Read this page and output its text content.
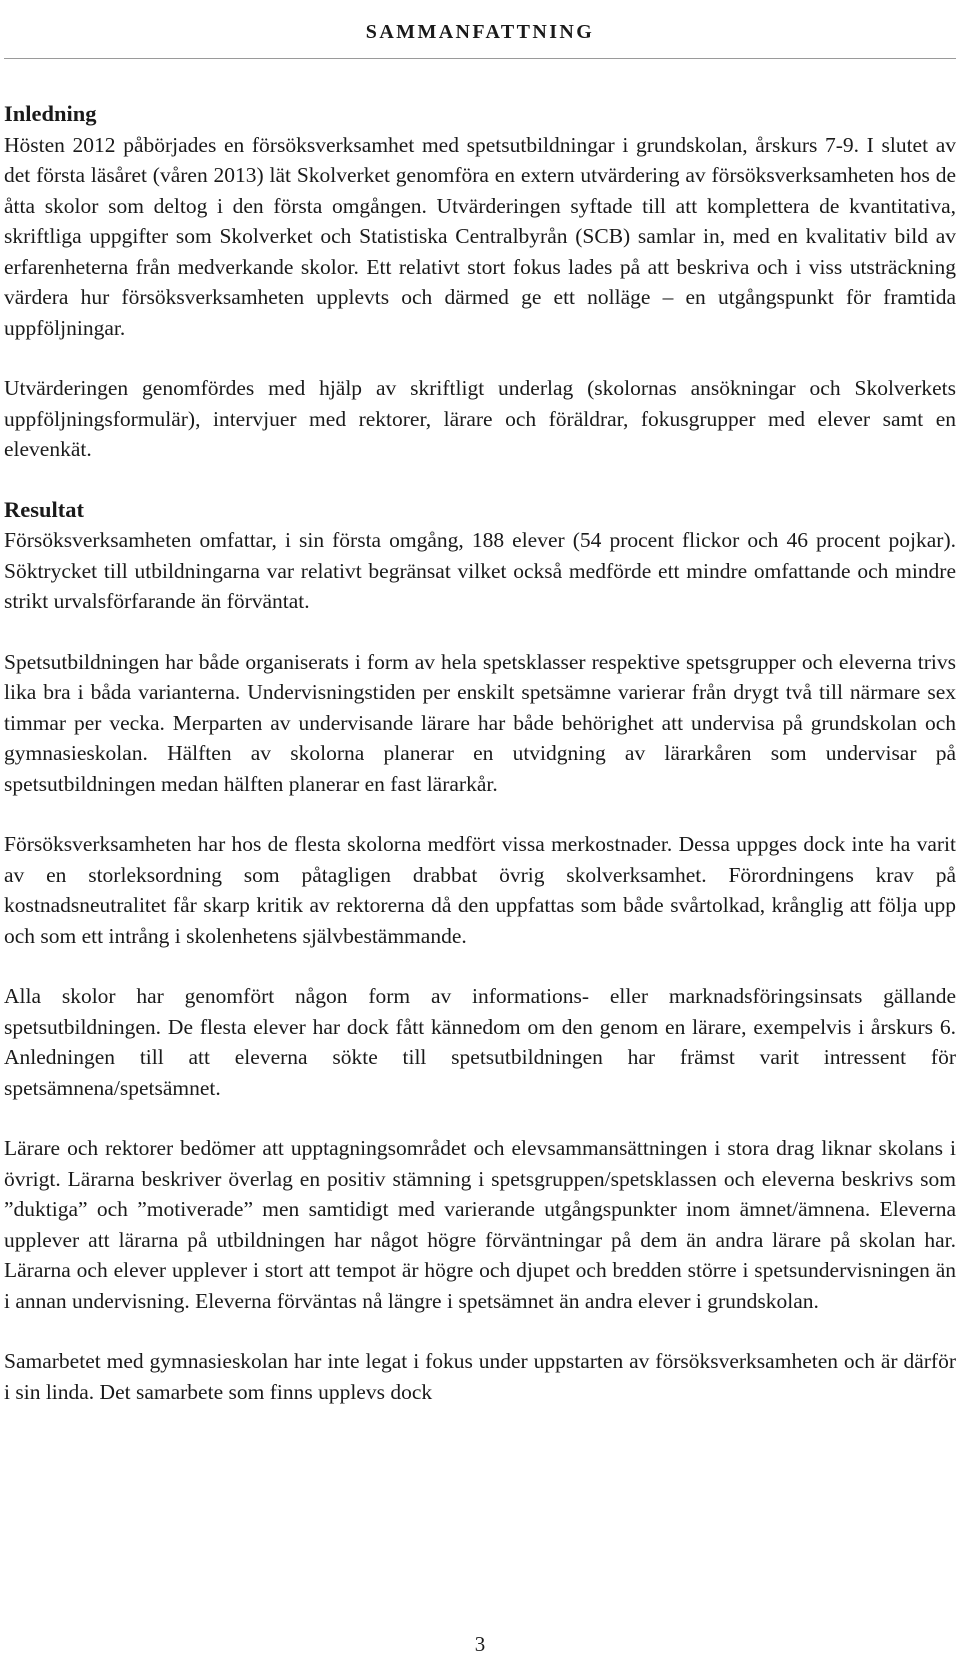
SAMMANFATTNING
Inledning

Hösten 2012 påbörjades en försöksverksamhet med spetsutbildningar i grundskolan, årskurs 7-9. I slutet av det första läsåret (våren 2013) lät Skolverket genomföra en extern utvärdering av försöksverksamheten hos de åtta skolor som deltog i den första omgången. Utvärderingen syftade till att komplettera de kvantitativa, skriftliga uppgifter som Skolverket och Statistiska Centralbyrån (SCB) samlar in, med en kvalitativ bild av erfarenheterna från medverkande skolor. Ett relativt stort fokus lades på att beskriva och i viss utsträckning värdera hur försöksverksamheten upplevts och därmed ge ett nolläge – en utgångspunkt för framtida uppföljningar.

Utvärderingen genomfördes med hjälp av skriftligt underlag (skolornas ansökningar och Skolverkets uppföljningsformulär), intervjuer med rektorer, lärare och föräldrar, fokusgrupper med elever samt en elevenkät.

Resultat

Försöksverksamheten omfattar, i sin första omgång, 188 elever (54 procent flickor och 46 procent pojkar). Söktrycket till utbildningarna var relativt begränsat vilket också medförde ett mindre omfattande och mindre strikt urvalsförfarande än förväntat.

Spetsutbildningen har både organiserats i form av hela spetsklasser respektive spetsgrupper och eleverna trivs lika bra i båda varianterna. Undervisningstiden per enskilt spetsämne varierar från drygt två till närmare sex timmar per vecka. Merparten av undervisande lärare har både behörighet att undervisa på grundskolan och gymnasieskolan. Hälften av skolorna planerar en utvidgning av lärarkåren som undervisar på spetsutbildningen medan hälften planerar en fast lärarkår.

Försöksverksamheten har hos de flesta skolorna medfört vissa merkostnader. Dessa uppges dock inte ha varit av en storleksordning som påtagligen drabbat övrig skolverksamhet. Förordningens krav på kostnadsneutralitet får skarp kritik av rektorerna då den uppfattas som både svårtolkad, krånglig att följa upp och som ett intrång i skolenhetens självbestämmande.

Alla skolor har genomfört någon form av informations- eller marknadsföringsinsats gällande spetsutbildningen. De flesta elever har dock fått kännedom om den genom en lärare, exempelvis i årskurs 6. Anledningen till att eleverna sökte till spetsutbildningen har främst varit intressent för spetsämnena/spetsämnet.

Lärare och rektorer bedömer att upptagningsområdet och elevsammansättningen i stora drag liknar skolans i övrigt. Lärarna beskriver överlag en positiv stämning i spetsgruppen/spetsklassen och eleverna beskrivs som ”duktiga” och ”motiverade” men samtidigt med varierande utgångspunkter inom ämnet/ämnena. Eleverna upplever att lärarna på utbildningen har något högre förväntningar på dem än andra lärare på skolan har. Lärarna och elever upplever i stort att tempot är högre och djupet och bredden större i spetsundervisningen än i annan undervisning. Eleverna förväntas nå längre i spetsämnet än andra elever i grundskolan.

Samarbetet med gymnasieskolan har inte legat i fokus under uppstarten av försöksverksamheten och är därför i sin linda. Det samarbete som finns upplevs dock

3
